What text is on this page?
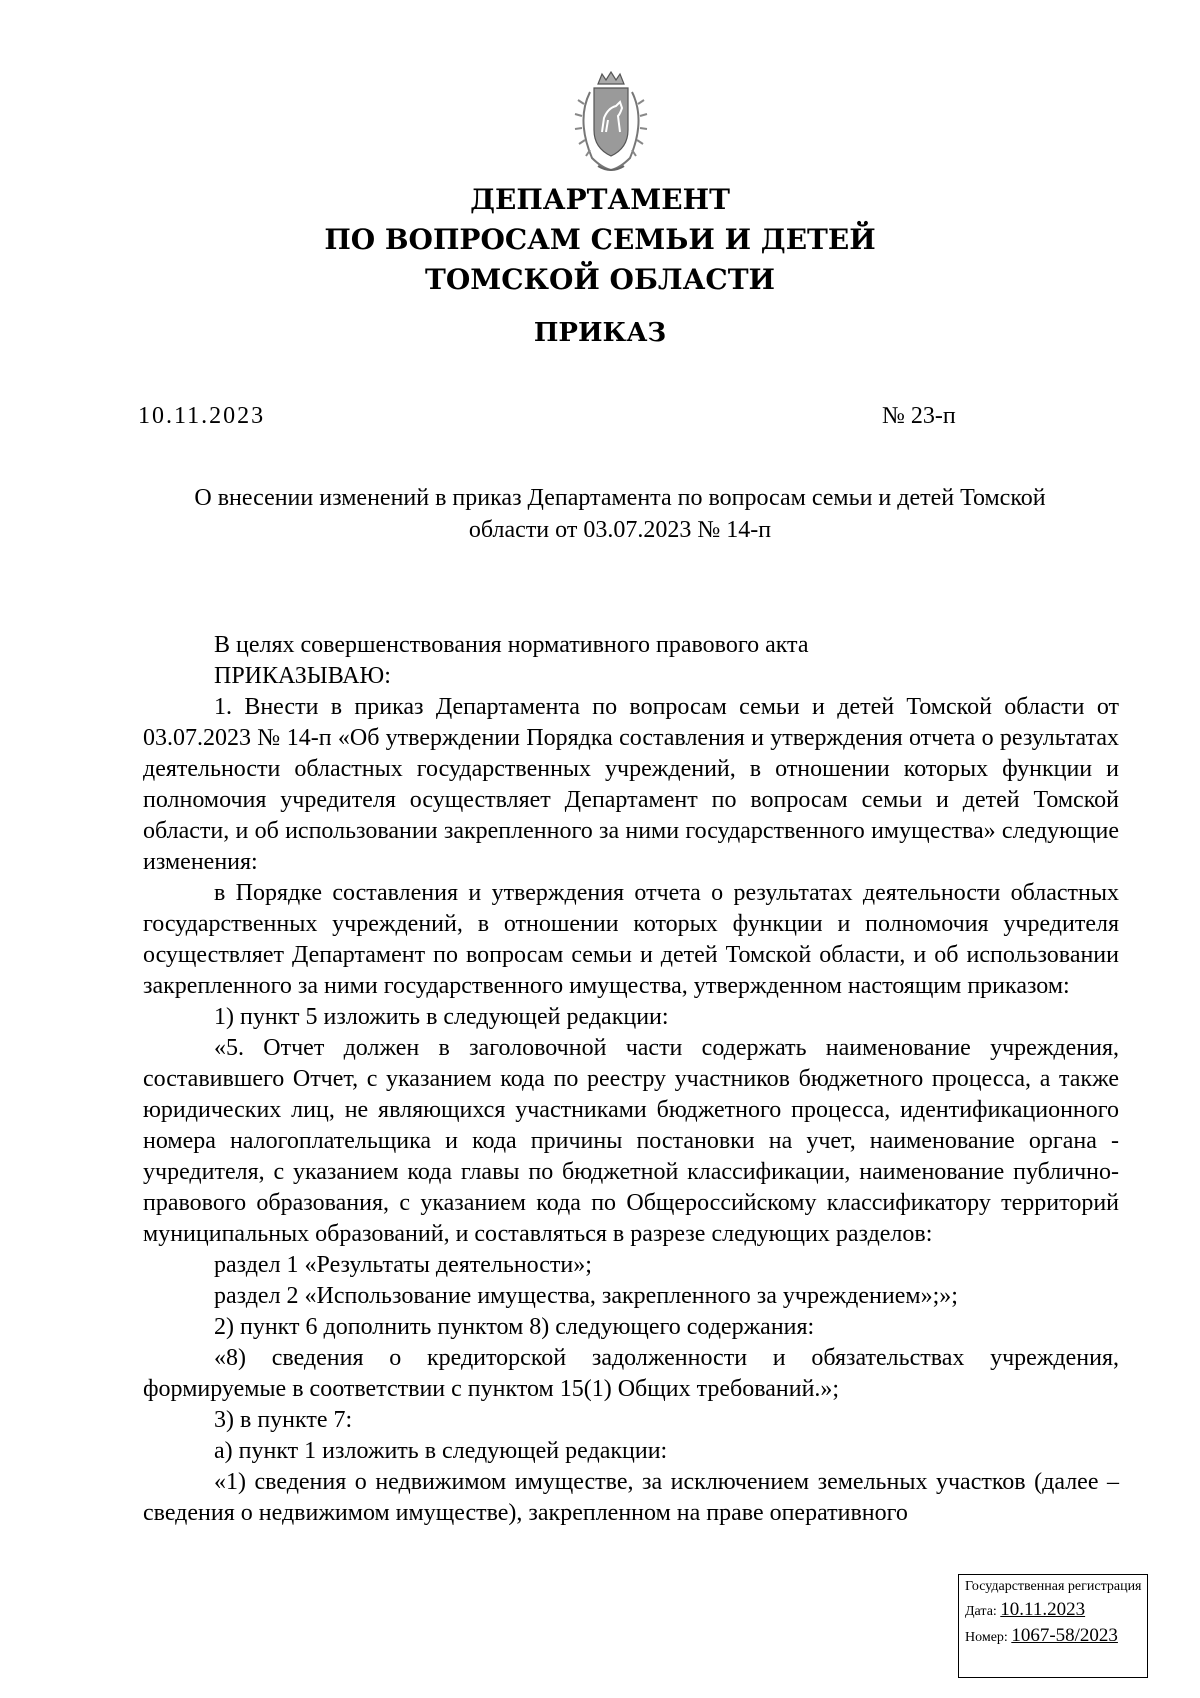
ДЕПАРТАМЕНТ
ПО ВОПРОСАМ СЕМЬИ И ДЕТЕЙ
ТОМСКОЙ ОБЛАСТИ
ПРИКАЗ
10.11.2023	№ 23-п
О внесении изменений в приказ Департамента по вопросам семьи и детей Томской
области от 03.07.2023 № 14-п

В целях совершенствования нормативного правового акта

ПРИКАЗЫВАЮ:

1. Внести в приказ Департамента по вопросам семьи и детей Томской области от 03.07.2023 № 14-п «Об утверждении Порядка составления и утверждения отчета о результатах деятельности областных государственных учреждений, в отношении которых функции и полномочия учредителя осуществляет Департамент по вопросам семьи и детей Томской области, и об использовании закрепленного за ними государственного имущества» следующие изменения:

в Порядке составления и утверждения отчета о результатах деятельности областных государственных учреждений, в отношении которых функции и полномочия учредителя осуществляет Департамент по вопросам семьи и детей Томской области, и об использовании закрепленного за ними государственного имущества, утвержденном настоящим приказом:

1) пункт 5 изложить в следующей редакции:

«5. Отчет должен в заголовочной части содержать наименование учреждения, составившего Отчет, с указанием кода по реестру участников бюджетного процесса, а также юридических лиц, не являющихся участниками бюджетного процесса, идентификационного номера налогоплательщика и кода причины постановки на учет, наименование органа - учредителя, с указанием кода главы по бюджетной классификации, наименование публично-правового образования, с указанием кода по Общероссийскому классификатору территорий муниципальных образований, и составляться в разрезе следующих разделов:

раздел 1 «Результаты деятельности»;

раздел 2 «Использование имущества, закрепленного за учреждением»;»;

2) пункт 6 дополнить пунктом 8) следующего содержания:

«8) сведения о кредиторской задолженности и обязательствах учреждения, формируемые в соответствии с пунктом 15(1) Общих требований.»;

3) в пункте 7:

а) пункт 1 изложить в следующей редакции:

«1) сведения о недвижимом имуществе, за исключением земельных участков (далее – сведения о недвижимом имуществе), закрепленном на праве оперативного

Государственная регистрация
Дата: 10.11.2023
Номер: 1067-58/2023
